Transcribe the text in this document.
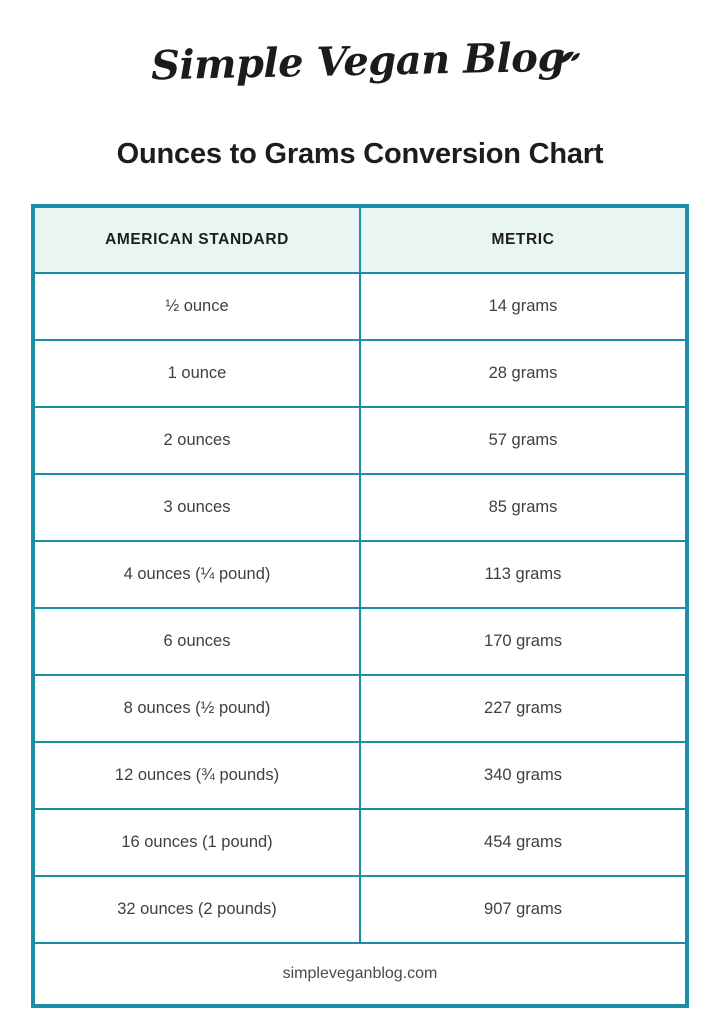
Simple Vegan Blog
Ounces to Grams Conversion Chart
AMERICAN STANDARD	METRIC
½ ounce	14 grams
1 ounce	28 grams
2 ounces	57 grams
3 ounces	85 grams
4 ounces (¼ pound)	113 grams
6 ounces	170 grams
8 ounces (½ pound)	227 grams
12 ounces (¾ pounds)	340 grams
16 ounces (1 pound)	454 grams
32 ounces (2 pounds)	907 grams
simpleveganblog.com	
